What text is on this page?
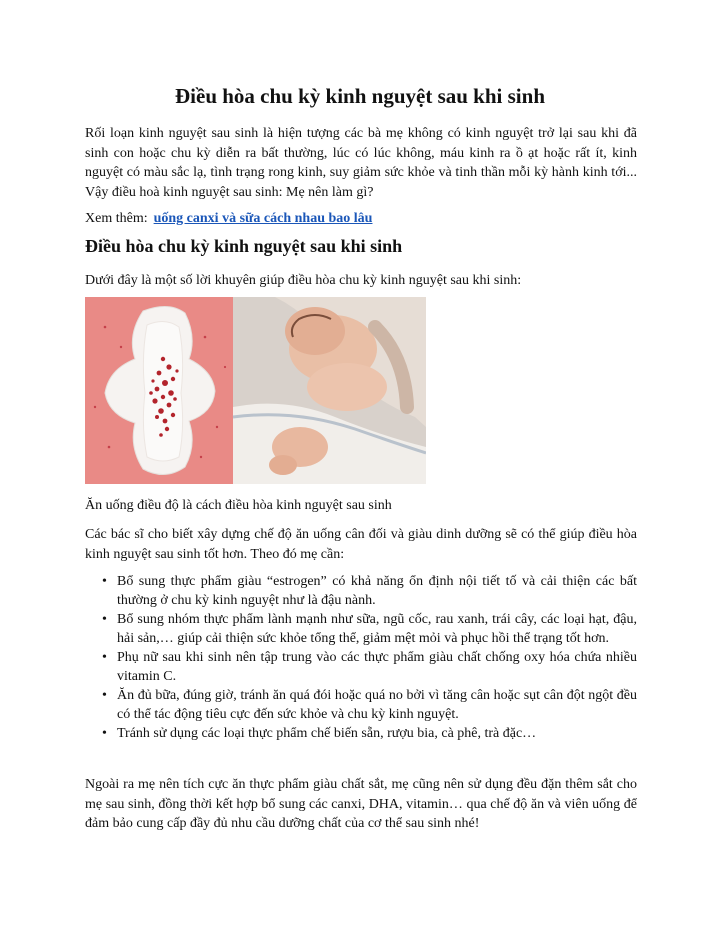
Điều hòa chu kỳ kinh nguyệt sau khi sinh

Rối loạn kinh nguyệt sau sinh là hiện tượng các bà mẹ không có kinh nguyệt trở lại sau khi đã sinh con hoặc chu kỳ diễn ra bất thường, lúc có lúc không, máu kinh ra ồ ạt hoặc rất ít, kinh nguyệt có màu sắc lạ, tình trạng rong kinh, suy giảm sức khỏe và tinh thần mỗi kỳ hành kinh tới... Vậy điều hoà kinh nguyệt sau sinh: Mẹ nên làm gì?

Xem thêm: uống canxi và sữa cách nhau bao lâu

Điều hòa chu kỳ kinh nguyệt sau khi sinh

Dưới đây là một số lời khuyên giúp điều hòa chu kỳ kinh nguyệt sau khi sinh:

Ăn uống điều độ là cách điều hòa kinh nguyệt sau sinh

Các bác sĩ cho biết xây dựng chế độ ăn uống cân đối và giàu dinh dưỡng sẽ có thể giúp điều hòa kinh nguyệt sau sinh tốt hơn. Theo đó mẹ cần:

• Bổ sung thực phẩm giàu “estrogen” có khả năng ổn định nội tiết tố và cải thiện các bất thường ở chu kỳ kinh nguyệt như là đậu nành.
• Bổ sung nhóm thực phẩm lành mạnh như sữa, ngũ cốc, rau xanh, trái cây, các loại hạt, đậu, hải sản,… giúp cải thiện sức khỏe tổng thể, giảm mệt mỏi và phục hồi thể trạng tốt hơn.
• Phụ nữ sau khi sinh nên tập trung vào các thực phẩm giàu chất chống oxy hóa chứa nhiều vitamin C.
• Ăn đủ bữa, đúng giờ, tránh ăn quá đói hoặc quá no bởi vì tăng cân hoặc sụt cân đột ngột đều có thể tác động tiêu cực đến sức khỏe và chu kỳ kinh nguyệt.
• Tránh sử dụng các loại thực phẩm chế biến sẵn, rượu bia, cà phê, trà đặc…

Ngoài ra mẹ nên tích cực ăn thực phẩm giàu chất sắt, mẹ cũng nên sử dụng đều đặn thêm sắt cho mẹ sau sinh, đồng thời kết hợp bổ sung các canxi, DHA, vitamin… qua chế độ ăn và viên uống để đảm bảo cung cấp đầy đủ nhu cầu dưỡng chất của cơ thể sau sinh nhé!
